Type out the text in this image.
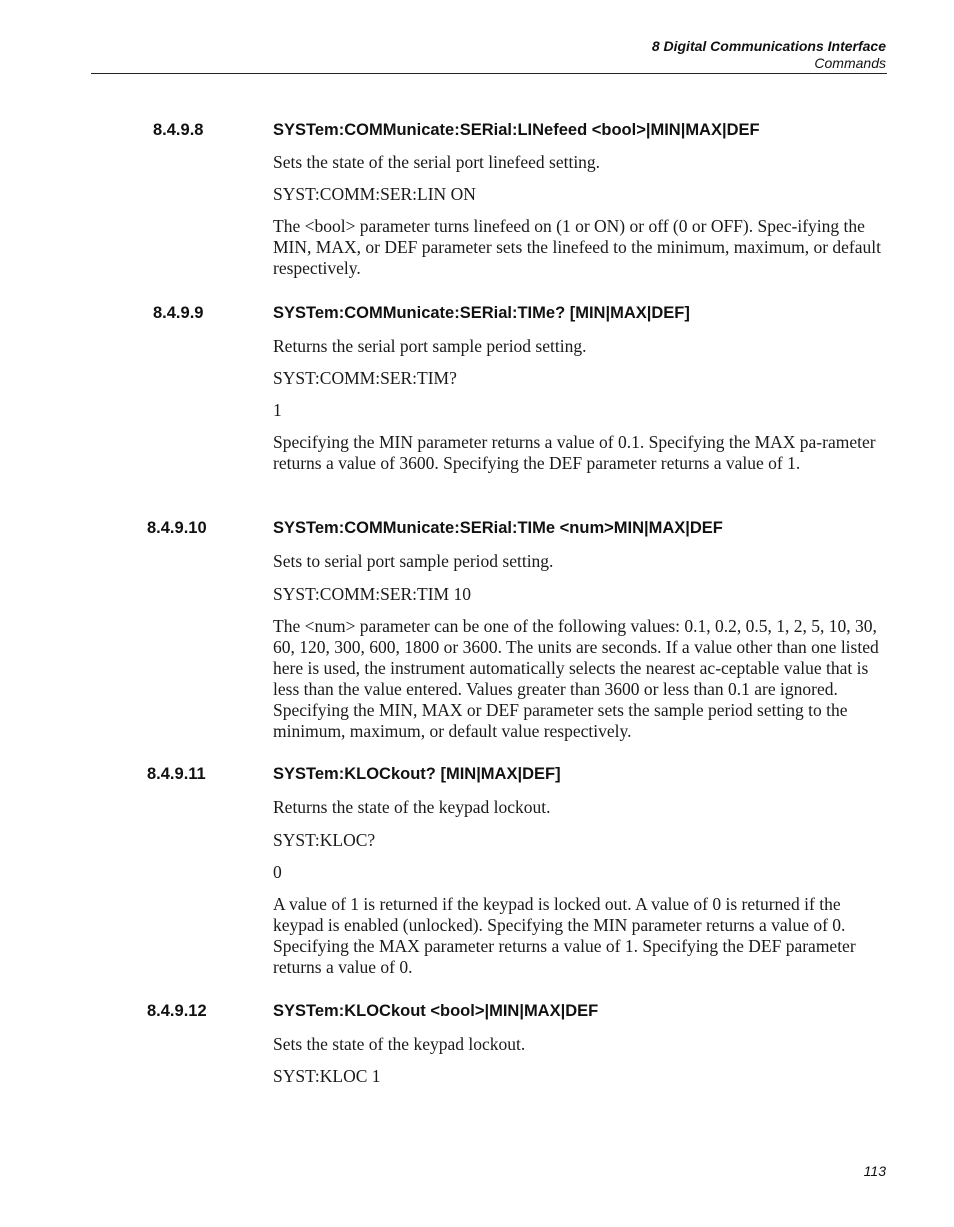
8 Digital Communications Interface
Commands
8.4.9.8	SYSTem:COMMunicate:SERial:LINefeed <bool>|MIN|MAX|DEF
Sets the state of the serial port linefeed setting.
SYST:COMM:SER:LIN ON
The <bool> parameter turns linefeed on (1 or ON) or off (0 or OFF). Spec-ifying the MIN, MAX, or DEF parameter sets the linefeed to the minimum, maximum, or default respectively.
8.4.9.9	SYSTem:COMMunicate:SERial:TIMe? [MIN|MAX|DEF]
Returns the serial port sample period setting.
SYST:COMM:SER:TIM?
1
Specifying the MIN parameter returns a value of 0.1. Specifying the MAX pa-rameter returns a value of 3600. Specifying the DEF parameter returns a value of 1.
8.4.9.10	SYSTem:COMMunicate:SERial:TIMe <num>MIN|MAX|DEF
Sets to serial port sample period setting.
SYST:COMM:SER:TIM 10
The <num> parameter can be one of the following values: 0.1, 0.2, 0.5, 1, 2, 5, 10, 30, 60, 120, 300, 600, 1800 or 3600. The units are seconds. If a value other than one listed here is used, the instrument automatically selects the nearest ac-ceptable value that is less than the value entered. Values greater than 3600 or less than 0.1 are ignored. Specifying the MIN, MAX or DEF parameter sets the sample period setting to the minimum, maximum, or default value respectively.
8.4.9.11	SYSTem:KLOCkout? [MIN|MAX|DEF]
Returns the state of the keypad lockout.
SYST:KLOC?
0
A value of 1 is returned if the keypad is locked out. A value of 0 is returned if the keypad is enabled (unlocked). Specifying the MIN parameter returns a value of 0. Specifying the MAX parameter returns a value of 1. Specifying the DEF parameter returns a value of 0.
8.4.9.12	SYSTem:KLOCkout <bool>|MIN|MAX|DEF
Sets the state of the keypad lockout.
SYST:KLOC 1
113
